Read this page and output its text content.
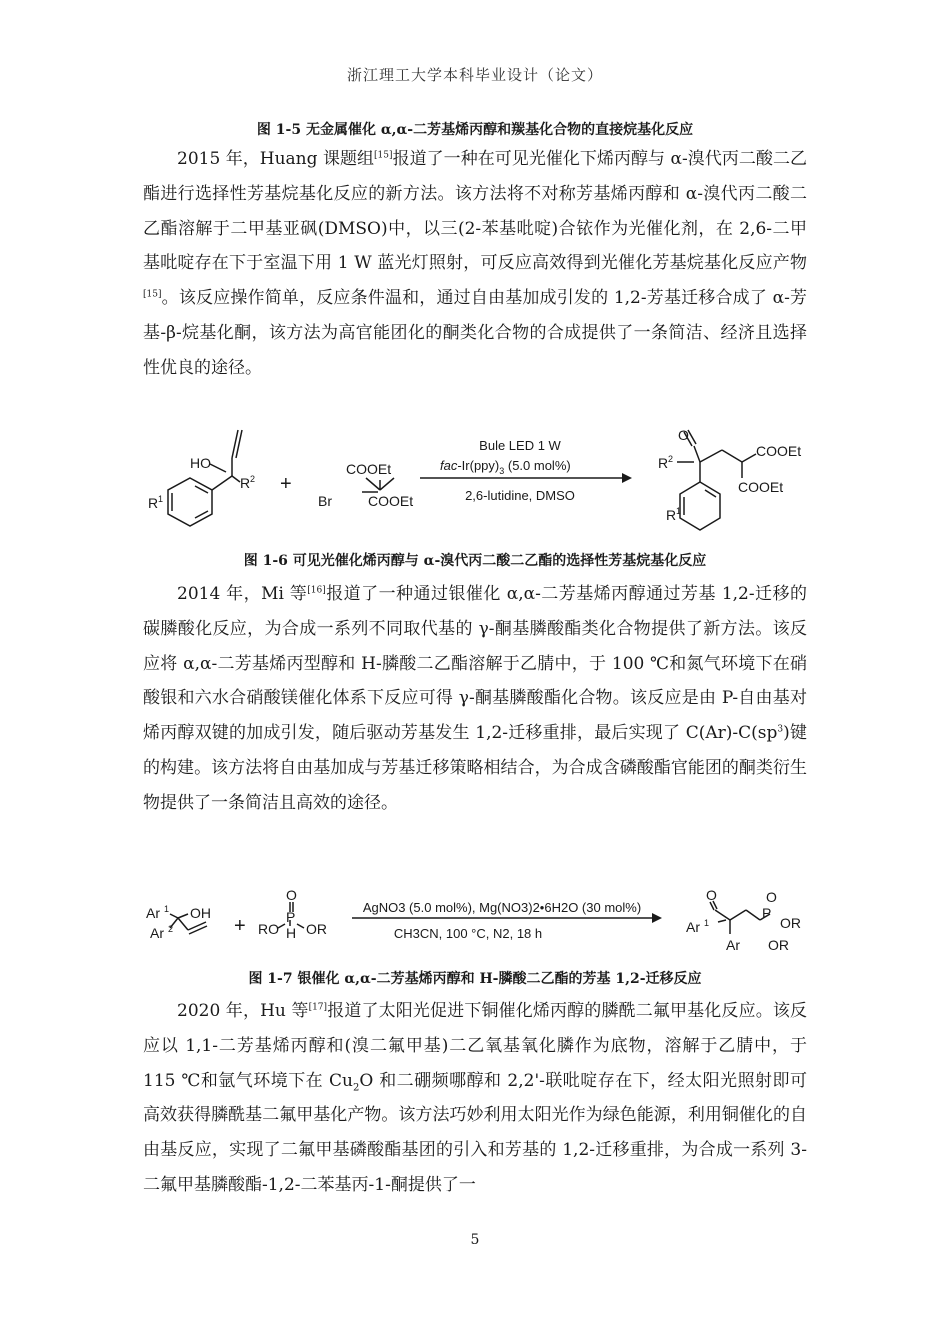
浙江理工大学本科毕业设计（论文）
图 1-5 无金属催化 α,α-二芳基烯丙醇和羰基化合物的直接烷基化反应

2015 年，Huang 课题组[15]报道了一种在可见光催化下烯丙醇与 α-溴代丙二酸二乙酯进行选择性芳基烷基化反应的新方法。该方法将不对称芳基烯丙醇和 α-溴代丙二酸二乙酯溶解于二甲基亚砜(DMSO)中，以三(2-苯基吡啶)合铱作为光催化剂，在 2,6-二甲基吡啶存在下于室温下用 1 W 蓝光灯照射，可反应高效得到光催化芳基烷基化反应产物[15]。该反应操作简单，反应条件温和，通过自由基加成引发的 1,2-芳基迁移合成了 α-芳基-β-烷基化酮，该方法为高官能团化的酮类化合物的合成提供了一条简洁、经济且选择性优良的途径。

HO
R 2
R 1
+
COOEt
Br	COOEt
Bule LED 1 W
fac-$Ir(ppy)_3$ (5.0 mol%)
2,6-lutidine, DMSO
O
R 2	COOEt
COOEt
R 1
图 1-6 可见光催化烯丙醇与 α-溴代丙二酸二乙酯的选择性芳基烷基化反应

2014 年，Mi 等[16]报道了一种通过银催化 α,α-二芳基烯丙醇通过芳基 1,2-迁移的碳膦酸化反应，为合成一系列不同取代基的 γ-酮基膦酸酯类化合物提供了新方法。该反应将 α,α-二芳基烯丙型醇和 H-膦酸二乙酯溶解于乙腈中，于 100 ℃和氮气环境下在硝酸银和六水合硝酸镁催化体系下反应可得 γ-酮基膦酸酯化合物。该反应是由 P-自由基对烯丙醇双键的加成引发，随后驱动芳基发生 1,2-迁移重排，最后实现了 $C(Ar)-C(sp^3)$键的构建。该方法将自由基加成与芳基迁移策略相结合，为合成含磷酸酯官能团的酮类衍生物提供了一条简洁且高效的途径。

Ar 1 OH
Ar 2	+
O
P
RO H OR
AgNO3 (5.0 mol%), Mg(NO3)2•6H2O (30 mol%)
CH3CN, 100 °C, N2, 18 h
O
Ar 1
P
O
OR
Ar OR
图 1-7 银催化 α,α-二芳基烯丙醇和 H-膦酸二乙酯的芳基 1,2-迁移反应

2020 年，Hu 等[17]报道了太阳光促进下铜催化烯丙醇的膦酰二氟甲基化反应。该反应以 1,1-二芳基烯丙醇和(溴二氟甲基)二乙氧基氧化膦作为底物，溶解于乙腈中，于 115 ℃和氩气环境下在 $Cu_2O$ 和二硼频哪醇和 2,2'-联吡啶存在下，经太阳光照射即可高效获得膦酰基二氟甲基化产物。该方法巧妙利用太阳光作为绿色能源，利用铜催化的自由基反应，实现了二氟甲基磷酸酯基团的引入和芳基的 1,2-迁移重排，为合成一系列 3-二氟甲基膦酸酯-1,2-二苯基丙-1-酮提供了一

5
